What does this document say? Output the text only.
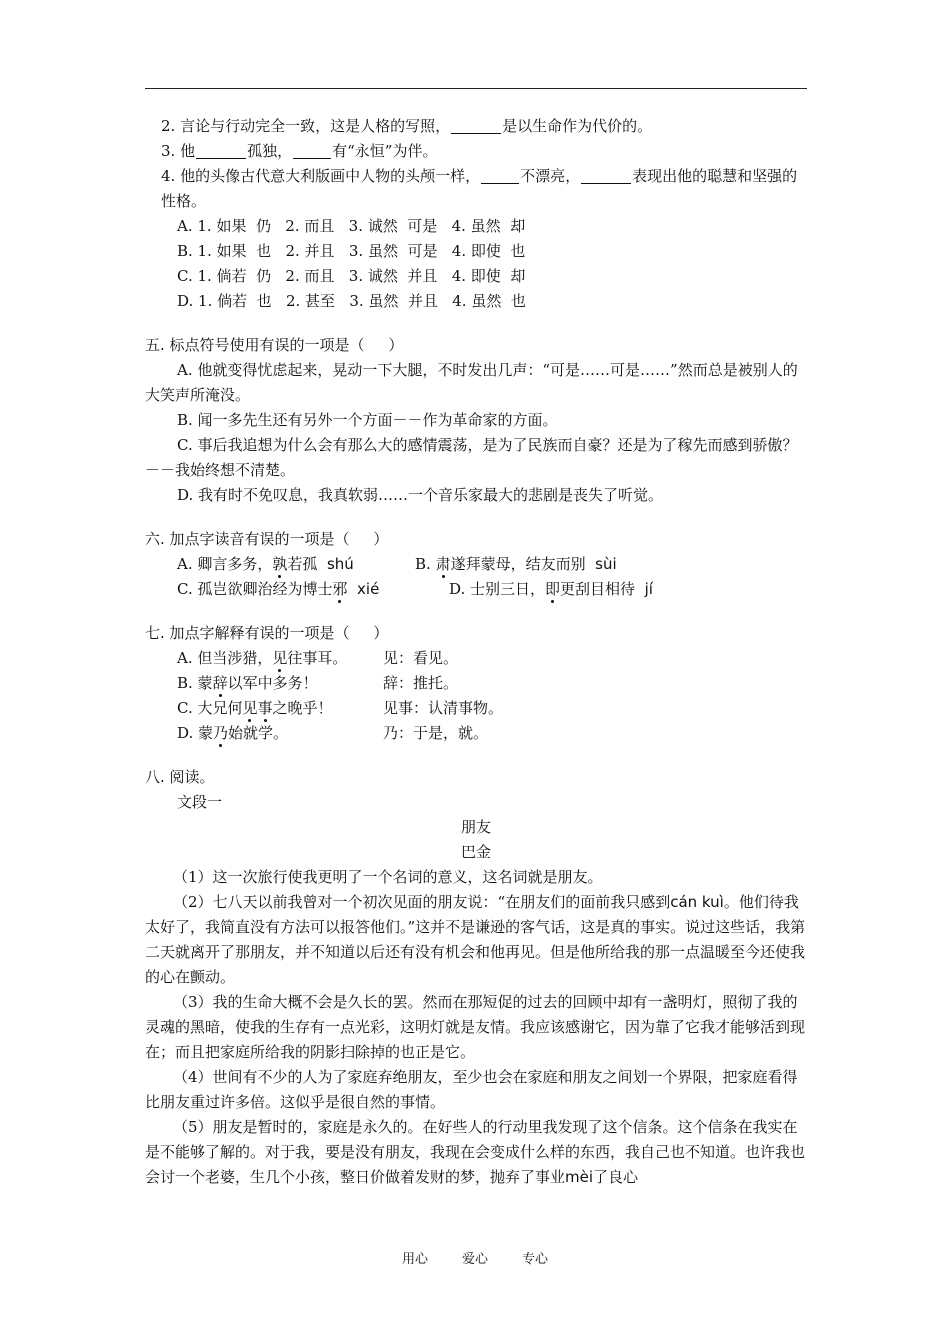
2. 言论与行动完全一致，这是人格的写照，	是以生命作为代价的。
3. 他	孤独，	有“永恒”为伴。
4. 他的头像古代意大利版画中人物的头颅一样，	不漂亮，	表现出他的聪慧和坚强的性格。
A. 1. 如果  仍   2. 而且   3. 诚然  可是   4. 虽然  却
B. 1. 如果  也   2. 并且   3. 虽然  可是   4. 即使  也
C. 1. 倘若  仍   2. 而且   3. 诚然  并且   4. 即使  却
D. 1. 倘若  也   2. 甚至   3. 虽然  并且   4. 虽然  也
五. 标点符号使用有误的一项是（     ）
A. 他就变得忧虑起来，晃动一下大腿，不时发出几声：“可是……可是……”然而总是被别人的大笑声所淹没。
B. 闻一多先生还有另外一个方面－－作为革命家的方面。
C. 事后我追想为什么会有那么大的感情震荡，是为了民族而自豪？还是为了稼先而感到骄傲？－－我始终想不清楚。
D. 我有时不免叹息，我真软弱……一个音乐家最大的悲剧是丧失了听觉。
六. 加点字读音有误的一项是（     ）
A. 卿言多务，孰若孤 shú	B. 肃遂拜蒙母，结友而别 sùi
C. 孤岂欲卿治经为博士邪 xié	D. 士别三日，即更刮目相待 jí
七. 加点字解释有误的一项是（     ）
A. 但当涉猎，见往事耳。 见：看见。
B. 蒙辞以军中多务！	辞：推托。
C. 大兄何见事之晚乎！	见事：认清事物。
D. 蒙乃始就学。	乃：于是，就。
八. 阅读。
文段一
朋友
巴金
（1）这一次旅行使我更明了一个名词的意义，这名词就是朋友。
（2）七八天以前我曾对一个初次见面的朋友说：“在朋友们的面前我只感到cán kuì。他们待我太好了，我简直没有方法可以报答他们。”这并不是谦逊的客气话，这是真的事实。说过这些话，我第二天就离开了那朋友，并不知道以后还有没有机会和他再见。但是他所给我的那一点温暖至今还使我的心在颤动。
（3）我的生命大概不会是久长的罢。然而在那短促的过去的回顾中却有一盏明灯，照彻了我的灵魂的黑暗，使我的生存有一点光彩，这明灯就是友情。我应该感谢它，因为靠了它我才能够活到现在；而且把家庭所给我的阴影扫除掉的也正是它。
（4）世间有不少的人为了家庭弃绝朋友，至少也会在家庭和朋友之间划一个界限，把家庭看得比朋友重过许多倍。这似乎是很自然的事情。
（5）朋友是暂时的，家庭是永久的。在好些人的行动里我发现了这个信条。这个信条在我实在是不能够了解的。对于我，要是没有朋友，我现在会变成什么样的东西，我自己也不知道。也许我也会讨一个老婆，生几个小孩，整日价做着发财的梦，抛弃了事业mèi了良心
用心	爱心	专心
